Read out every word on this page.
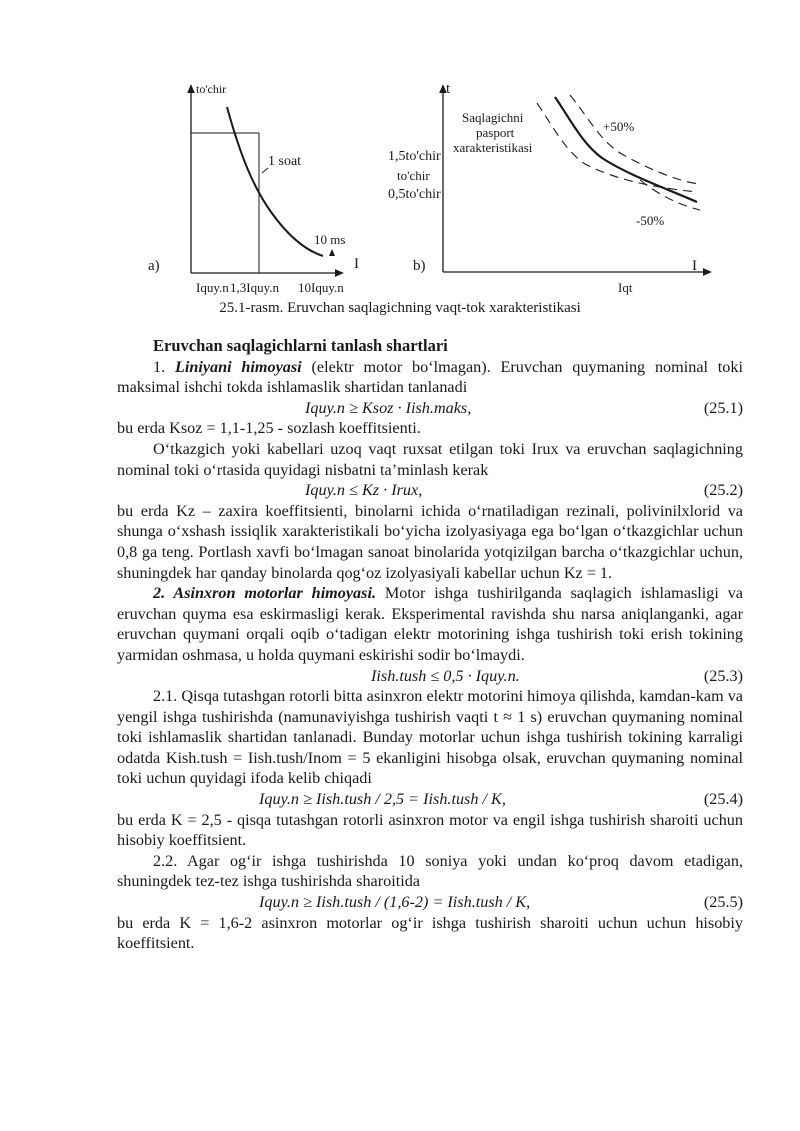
to'chir
I
a)
1 soat
10 ms
Iquy.n 1,3Iquy.n 10Iquy.n
t
I
b)
Iqt
1,5to'chir
to'chir
0,5to'chir
Saqlagichni
pasport
xarakteristikasi
+50%
-50%
25.1-rasm. Eruvchan saqlagichning vaqt-tok xarakteristikasi

Eruvchan saqlagichlarni tanlash shartlari

1. Liniyani himoyasi (elektr motor bo‘lmagan). Eruvchan quymaning nominal toki maksimal ishchi tokda ishlamaslik shartidan tanlanadi

Iquy.n ≥ Ksoz · Iish.maks,	(25.1)

bu erda Ksoz = 1,1-1,25 - sozlash koeffitsienti.

O‘tkazgich yoki kabellari uzoq vaqt ruxsat etilgan toki Irux va eruvchan saqlagichning nominal toki o‘rtasida quyidagi nisbatni ta’minlash kerak

Iquy.n ≤ Kz · Irux,	(25.2)

bu erda Kz – zaxira koeffitsienti, binolarni ichida o‘rnatiladigan rezinali, polivinilxlorid va shunga o‘xshash issiqlik xarakteristikali bo‘yicha izolyasiyaga ega bo‘lgan o‘tkazgichlar uchun 0,8 ga teng. Portlash xavfi bo‘lmagan sanoat binolarida yotqizilgan barcha o‘tkazgichlar uchun, shuningdek har qanday binolarda qog‘oz izolyasiyali kabellar uchun Kz = 1.

2. Asinxron motorlar himoyasi. Motor ishga tushirilganda saqlagich ishlamasligi va eruvchan quyma esa eskirmasligi kerak. Eksperimental ravishda shu narsa aniqlanganki, agar eruvchan quymani orqali oqib o‘tadigan elektr motorining ishga tushirish toki erish tokining yarmidan oshmasa, u holda quymani eskirishi sodir bo‘lmaydi.

Iish.tush ≤ 0,5 · Iquy.n.	(25.3)

2.1. Qisqa tutashgan rotorli bitta asinxron elektr motorini himoya qilishda, kamdan-kam va yengil ishga tushirishda (namunaviyishga tushirish vaqti t ≈ 1 s) eruvchan quymaning nominal toki ishlamaslik shartidan tanlanadi. Bunday motorlar uchun ishga tushirish tokining karraligi odatda Kish.tush = Iish.tush/Inom = 5 ekanligini hisobga olsak, eruvchan quymaning nominal toki uchun quyidagi ifoda kelib chiqadi

Iquy.n ≥ Iish.tush / 2,5 = Iish.tush / K,	(25.4)

bu erda K = 2,5 - qisqa tutashgan rotorli asinxron motor va engil ishga tushirish sharoiti uchun hisobiy koeffitsient.

2.2. Agar og‘ir ishga tushirishda 10 soniya yoki undan ko‘proq davom etadigan, shuningdek tez-tez ishga tushirishda sharoitida

Iquy.n ≥ Iish.tush / (1,6-2) = Iish.tush / K,	(25.5)

bu erda K = 1,6-2 asinxron motorlar og‘ir ishga tushirish sharoiti uchun uchun hisobiy koeffitsient.
